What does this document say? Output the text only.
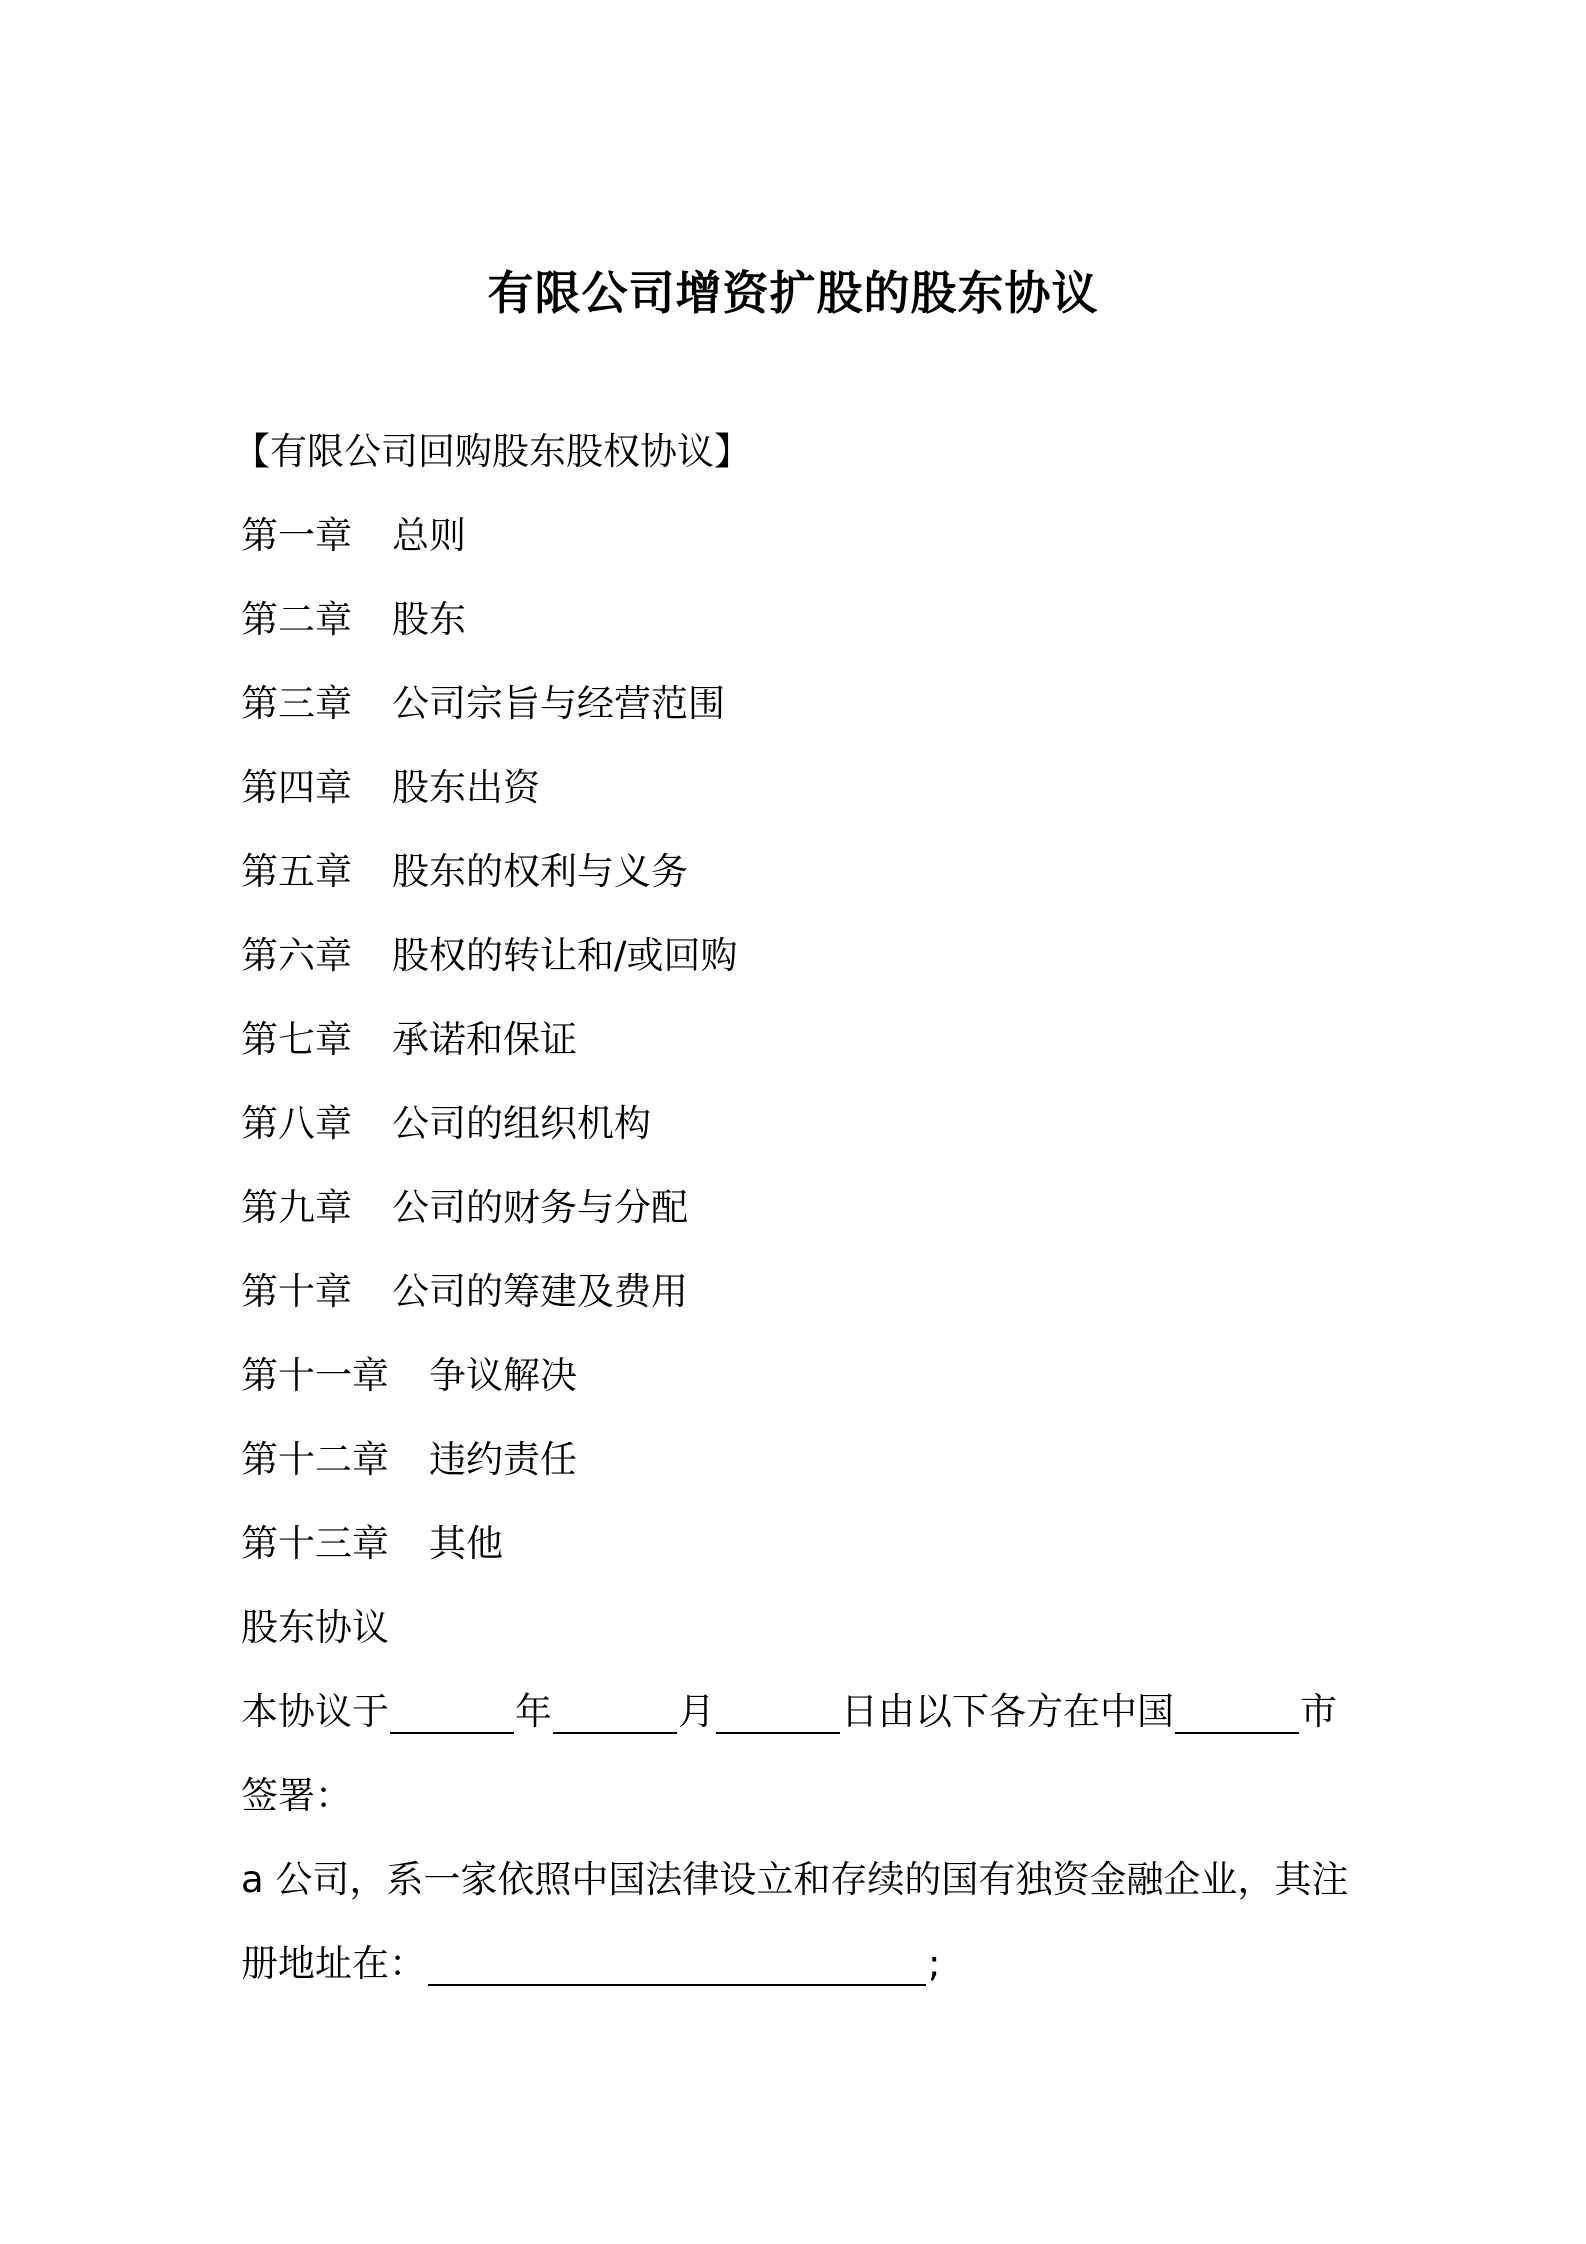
有限公司增资扩股的股东协议
【有限公司回购股东股权协议】
第一章 总则
第二章 股东
第三章 公司宗旨与经营范围
第四章 股东出资
第五章 股东的权利与义务
第六章 股权的转让和/或回购
第七章 承诺和保证
第八章 公司的组织机构
第九章 公司的财务与分配
第十章 公司的筹建及费用
第十一章 争议解决
第十二章 违约责任
第十三章 其他
股东协议
本协议于	年	月	日由以下各方在中国	市
签署：
a 公司，系一家依照中国法律设立和存续的国有独资金融企业，其注
册地址在：	;
